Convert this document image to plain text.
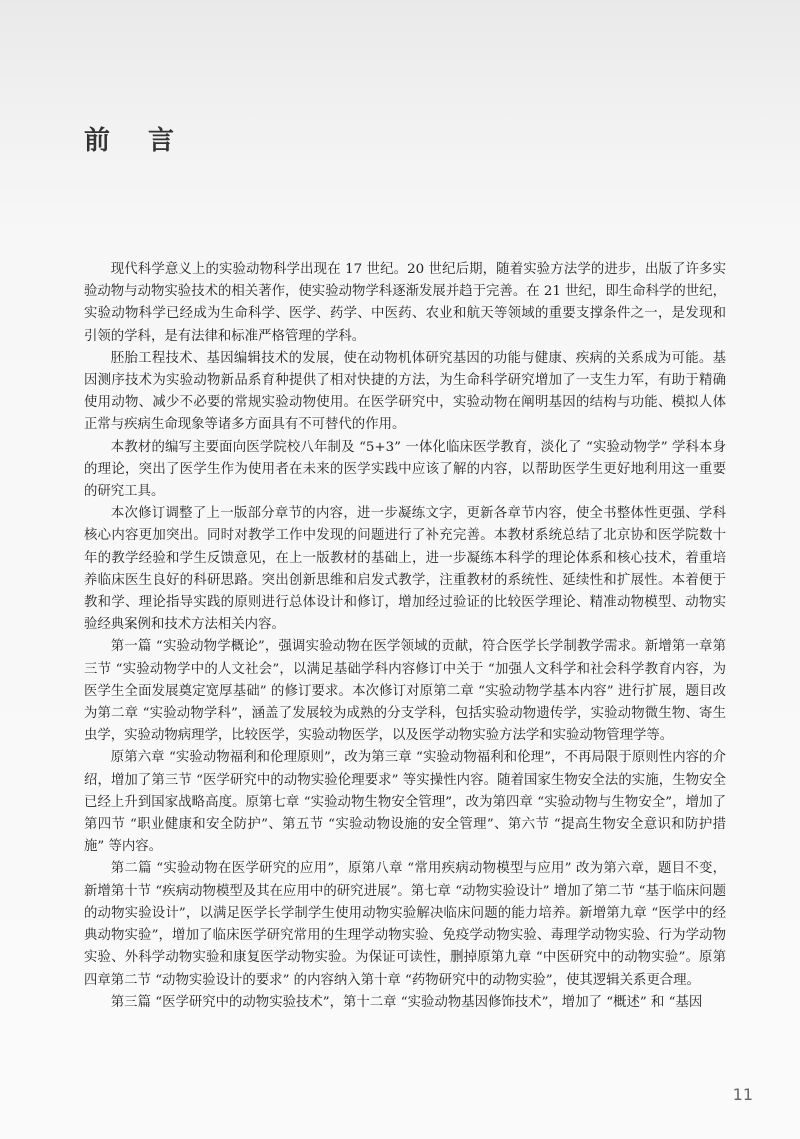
前言

现代科学意义上的实验动物科学出现在 17 世纪。20 世纪后期，随着实验方法学的进步，出版了许多实验动物与动物实验技术的相关著作，使实验动物学科逐渐发展并趋于完善。在 21 世纪，即生命科学的世纪，实验动物科学已经成为生命科学、医学、药学、中医药、农业和航天等领域的重要支撑条件之一，是发现和引领的学科，是有法律和标准严格管理的学科。

胚胎工程技术、基因编辑技术的发展，使在动物机体研究基因的功能与健康、疾病的关系成为可能。基因测序技术为实验动物新品系育种提供了相对快捷的方法，为生命科学研究增加了一支生力军，有助于精确使用动物、减少不必要的常规实验动物使用。在医学研究中，实验动物在阐明基因的结构与功能、模拟人体正常与疾病生命现象等诸多方面具有不可替代的作用。

本教材的编写主要面向医学院校八年制及 “5+3” 一体化临床医学教育，淡化了 “实验动物学” 学科本身的理论，突出了医学生作为使用者在未来的医学实践中应该了解的内容，以帮助医学生更好地利用这一重要的研究工具。

本次修订调整了上一版部分章节的内容，进一步凝练文字，更新各章节内容，使全书整体性更强、学科核心内容更加突出。同时对教学工作中发现的问题进行了补充完善。本教材系统总结了北京协和医学院数十年的教学经验和学生反馈意见，在上一版教材的基础上，进一步凝练本科学的理论体系和核心技术，着重培养临床医生良好的科研思路。突出创新思维和启发式教学，注重教材的系统性、延续性和扩展性。本着便于教和学、理论指导实践的原则进行总体设计和修订，增加经过验证的比较医学理论、精准动物模型、动物实验经典案例和技术方法相关内容。

第一篇 “实验动物学概论”，强调实验动物在医学领域的贡献，符合医学长学制教学需求。新增第一章第三节 “实验动物学中的人文社会”，以满足基础学科内容修订中关于 “加强人文科学和社会科学教育内容，为医学生全面发展奠定宽厚基础” 的修订要求。本次修订对原第二章 “实验动物学基本内容” 进行扩展，题目改为第二章 “实验动物学科”，涵盖了发展较为成熟的分支学科，包括实验动物遗传学，实验动物微生物、寄生虫学，实验动物病理学，比较医学，实验动物医学，以及医学动物实验方法学和实验动物管理学等。

原第六章 “实验动物福利和伦理原则”，改为第三章 “实验动物福利和伦理”，不再局限于原则性内容的介绍，增加了第三节 “医学研究中的动物实验伦理要求” 等实操性内容。随着国家生物安全法的实施，生物安全已经上升到国家战略高度。原第七章 “实验动物生物安全管理”，改为第四章 “实验动物与生物安全”，增加了第四节 “职业健康和安全防护”、第五节 “实验动物设施的安全管理”、第六节 “提高生物安全意识和防护措施” 等内容。

第二篇 “实验动物在医学研究的应用”，原第八章 “常用疾病动物模型与应用” 改为第六章，题目不变，新增第十节 “疾病动物模型及其在应用中的研究进展”。第七章 “动物实验设计” 增加了第二节 “基于临床问题的动物实验设计”，以满足医学长学制学生使用动物实验解决临床问题的能力培养。新增第九章 “医学中的经典动物实验”，增加了临床医学研究常用的生理学动物实验、免疫学动物实验、毒理学动物实验、行为学动物实验、外科学动物实验和康复医学动物实验。为保证可读性，删掉原第九章 “中医研究中的动物实验”。原第四章第二节 “动物实验设计的要求” 的内容纳入第十章 “药物研究中的动物实验”，使其逻辑关系更合理。

第三篇 “医学研究中的动物实验技术”，第十二章 “实验动物基因修饰技术”，增加了 “概述” 和 “基因

11
